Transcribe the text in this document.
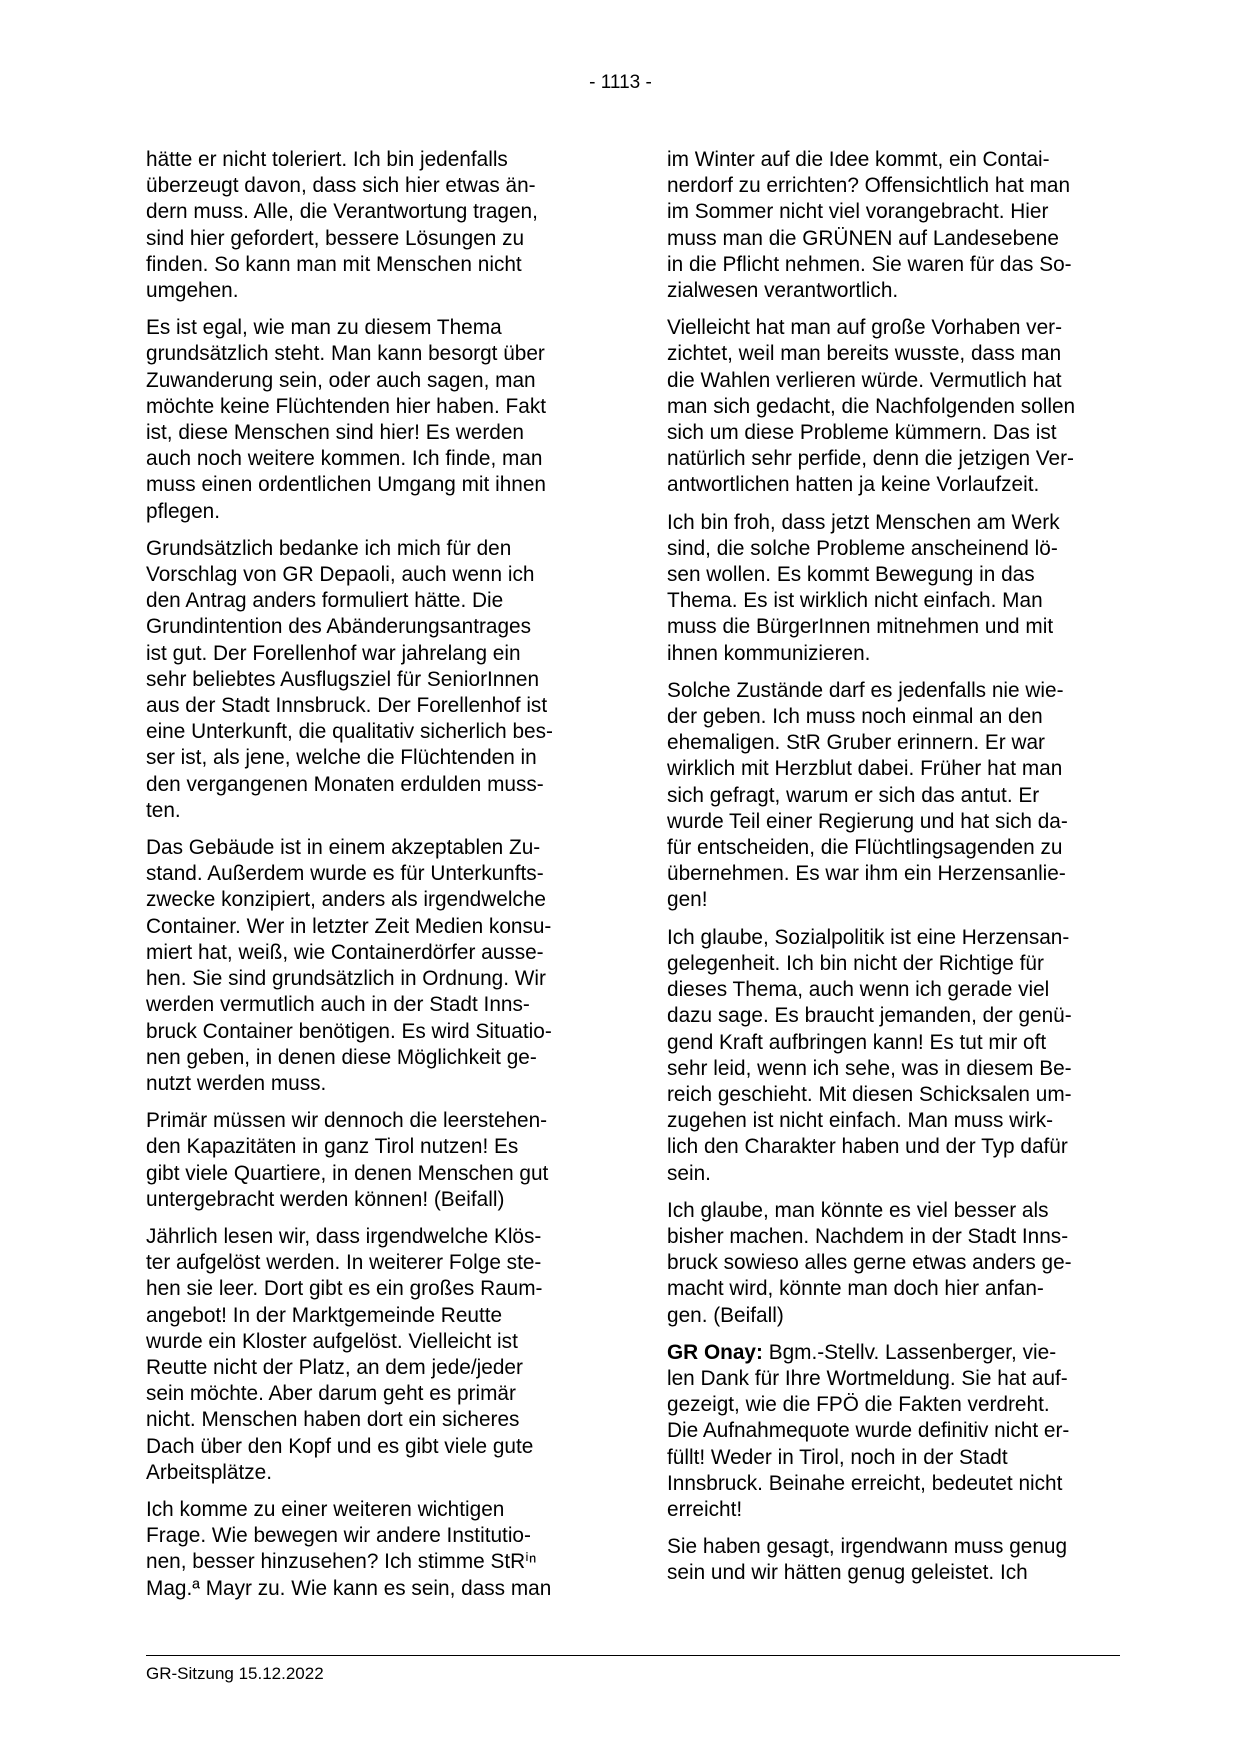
- 1113 -

hätte er nicht toleriert. Ich bin jedenfalls
überzeugt davon, dass sich hier etwas än-
dern muss. Alle, die Verantwortung tragen,
sind hier gefordert, bessere Lösungen zu
finden. So kann man mit Menschen nicht
umgehen.

Es ist egal, wie man zu diesem Thema
grundsätzlich steht. Man kann besorgt über
Zuwanderung sein, oder auch sagen, man
möchte keine Flüchtenden hier haben. Fakt
ist, diese Menschen sind hier! Es werden
auch noch weitere kommen. Ich finde, man
muss einen ordentlichen Umgang mit ihnen
pflegen.

Grundsätzlich bedanke ich mich für den
Vorschlag von GR Depaoli, auch wenn ich
den Antrag anders formuliert hätte. Die
Grundintention des Abänderungsantrages
ist gut. Der Forellenhof war jahrelang ein
sehr beliebtes Ausflugsziel für SeniorInnen
aus der Stadt Innsbruck. Der Forellenhof ist
eine Unterkunft, die qualitativ sicherlich bes-
ser ist, als jene, welche die Flüchtenden in
den vergangenen Monaten erdulden muss-
ten.

Das Gebäude ist in einem akzeptablen Zu-
stand. Außerdem wurde es für Unterkunfts-
zwecke konzipiert, anders als irgendwelche
Container. Wer in letzter Zeit Medien konsu-
miert hat, weiß, wie Containerdörfer ausse-
hen. Sie sind grundsätzlich in Ordnung. Wir
werden vermutlich auch in der Stadt Inns-
bruck Container benötigen. Es wird Situatio-
nen geben, in denen diese Möglichkeit ge-
nutzt werden muss.

Primär müssen wir dennoch die leerstehen-
den Kapazitäten in ganz Tirol nutzen! Es
gibt viele Quartiere, in denen Menschen gut
untergebracht werden können! (Beifall)

Jährlich lesen wir, dass irgendwelche Klös-
ter aufgelöst werden. In weiterer Folge ste-
hen sie leer. Dort gibt es ein großes Raum-
angebot! In der Marktgemeinde Reutte
wurde ein Kloster aufgelöst. Vielleicht ist
Reutte nicht der Platz, an dem jede/jeder
sein möchte. Aber darum geht es primär
nicht. Menschen haben dort ein sicheres
Dach über den Kopf und es gibt viele gute
Arbeitsplätze.

Ich komme zu einer weiteren wichtigen
Frage. Wie bewegen wir andere Institutio-
nen, besser hinzusehen? Ich stimme StRⁱⁿ
Mag.ª Mayr zu. Wie kann es sein, dass man

im Winter auf die Idee kommt, ein Contai-
nerdorf zu errichten? Offensichtlich hat man
im Sommer nicht viel vorangebracht. Hier
muss man die GRÜNEN auf Landesebene
in die Pflicht nehmen. Sie waren für das So-
zialwesen verantwortlich.

Vielleicht hat man auf große Vorhaben ver-
zichtet, weil man bereits wusste, dass man
die Wahlen verlieren würde. Vermutlich hat
man sich gedacht, die Nachfolgenden sollen
sich um diese Probleme kümmern. Das ist
natürlich sehr perfide, denn die jetzigen Ver-
antwortlichen hatten ja keine Vorlaufzeit.

Ich bin froh, dass jetzt Menschen am Werk
sind, die solche Probleme anscheinend lö-
sen wollen. Es kommt Bewegung in das
Thema. Es ist wirklich nicht einfach. Man
muss die BürgerInnen mitnehmen und mit
ihnen kommunizieren.

Solche Zustände darf es jedenfalls nie wie-
der geben. Ich muss noch einmal an den
ehemaligen. StR Gruber erinnern. Er war
wirklich mit Herzblut dabei. Früher hat man
sich gefragt, warum er sich das antut. Er
wurde Teil einer Regierung und hat sich da-
für entscheiden, die Flüchtlingsagenden zu
übernehmen. Es war ihm ein Herzensanlie-
gen!

Ich glaube, Sozialpolitik ist eine Herzensan-
gelegenheit. Ich bin nicht der Richtige für
dieses Thema, auch wenn ich gerade viel
dazu sage. Es braucht jemanden, der genü-
gend Kraft aufbringen kann! Es tut mir oft
sehr leid, wenn ich sehe, was in diesem Be-
reich geschieht. Mit diesen Schicksalen um-
zugehen ist nicht einfach. Man muss wirk-
lich den Charakter haben und der Typ dafür
sein.

Ich glaube, man könnte es viel besser als
bisher machen. Nachdem in der Stadt Inns-
bruck sowieso alles gerne etwas anders ge-
macht wird, könnte man doch hier anfan-
gen. (Beifall)

GR Onay: Bgm.-Stellv. Lassenberger, vie-
len Dank für Ihre Wortmeldung. Sie hat auf-
gezeigt, wie die FPÖ die Fakten verdreht.
Die Aufnahmequote wurde definitiv nicht er-
füllt! Weder in Tirol, noch in der Stadt
Innsbruck. Beinahe erreicht, bedeutet nicht
erreicht!

Sie haben gesagt, irgendwann muss genug
sein und wir hätten genug geleistet. Ich

GR-Sitzung 15.12.2022
